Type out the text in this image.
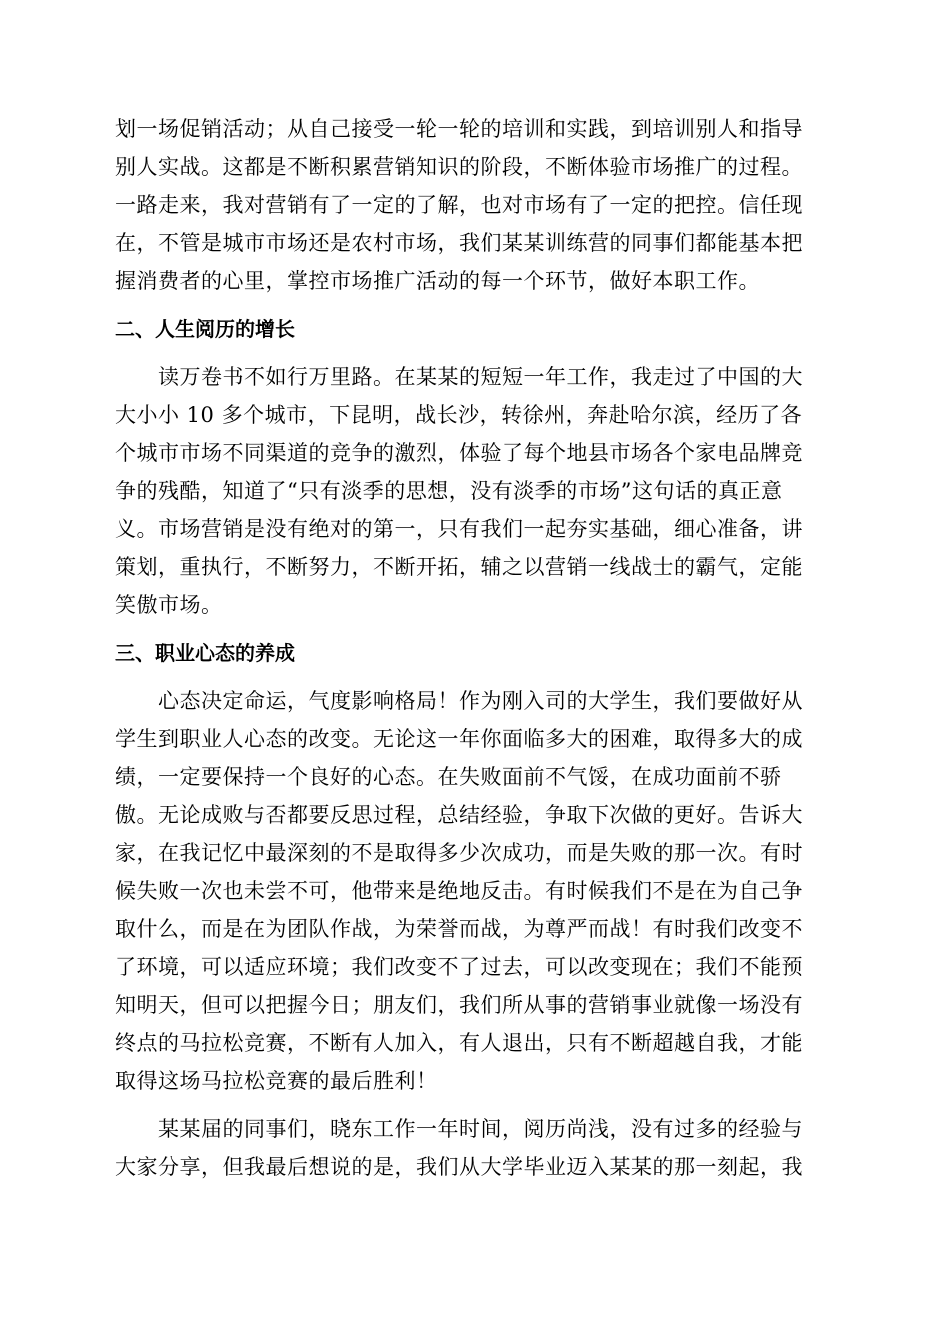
划一场促销活动；从自己接受一轮一轮的培训和实践，到培训别人和指导
别人实战。这都是不断积累营销知识的阶段，不断体验市场推广的过程。
一路走来，我对营销有了一定的了解，也对市场有了一定的把控。信任现
在，不管是城市市场还是农村市场，我们某某训练营的同事们都能基本把
握消费者的心里，掌控市场推广活动的每一个环节，做好本职工作。
二、人生阅历的增长
　　读万卷书不如行万里路。在某某的短短一年工作，我走过了中国的大
大小小 10 多个城市，下昆明，战长沙，转徐州，奔赴哈尔滨，经历了各
个城市市场不同渠道的竞争的激烈，体验了每个地县市场各个家电品牌竞
争的残酷，知道了“只有淡季的思想，没有淡季的市场”这句话的真正意
义。市场营销是没有绝对的第一，只有我们一起夯实基础，细心准备，讲
策划，重执行，不断努力，不断开拓，辅之以营销一线战士的霸气，定能
笑傲市场。
三、职业心态的养成
　　心态决定命运，气度影响格局！作为刚入司的大学生，我们要做好从
学生到职业人心态的改变。无论这一年你面临多大的困难，取得多大的成
绩，一定要保持一个良好的心态。在失败面前不气馁，在成功面前不骄
傲。无论成败与否都要反思过程，总结经验，争取下次做的更好。告诉大
家，在我记忆中最深刻的不是取得多少次成功，而是失败的那一次。有时
候失败一次也未尝不可，他带来是绝地反击。有时候我们不是在为自己争
取什么，而是在为团队作战，为荣誉而战，为尊严而战！有时我们改变不
了环境，可以适应环境；我们改变不了过去，可以改变现在；我们不能预
知明天，但可以把握今日；朋友们，我们所从事的营销事业就像一场没有
终点的马拉松竞赛，不断有人加入，有人退出，只有不断超越自我，才能
取得这场马拉松竞赛的最后胜利！
　　某某届的同事们，晓东工作一年时间，阅历尚浅，没有过多的经验与
大家分享，但我最后想说的是，我们从大学毕业迈入某某的那一刻起，我
